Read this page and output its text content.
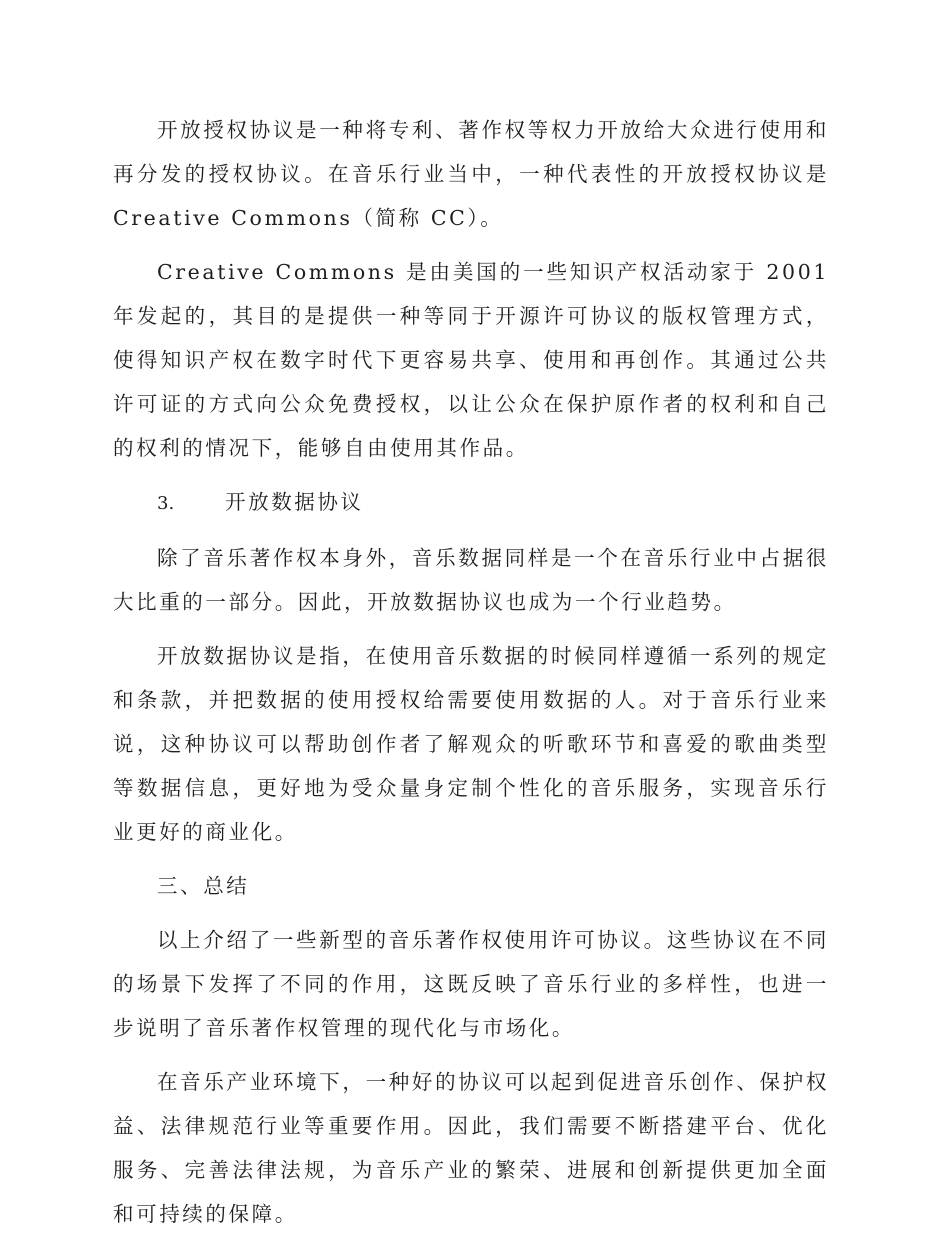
开放授权协议是一种将专利、著作权等权力开放给大众进行使用和再分发的授权协议。在音乐行业当中，一种代表性的开放授权协议是 Creative Commons（简称 CC）。

Creative Commons 是由美国的一些知识产权活动家于 2001 年发起的，其目的是提供一种等同于开源许可协议的版权管理方式，使得知识产权在数字时代下更容易共享、使用和再创作。其通过公共许可证的方式向公众免费授权，以让公众在保护原作者的权利和自己的权利的情况下，能够自由使用其作品。

3. 开放数据协议

除了音乐著作权本身外，音乐数据同样是一个在音乐行业中占据很大比重的一部分。因此，开放数据协议也成为一个行业趋势。

开放数据协议是指，在使用音乐数据的时候同样遵循一系列的规定和条款，并把数据的使用授权给需要使用数据的人。对于音乐行业来说，这种协议可以帮助创作者了解观众的听歌环节和喜爱的歌曲类型等数据信息，更好地为受众量身定制个性化的音乐服务，实现音乐行业更好的商业化。

三、总结

以上介绍了一些新型的音乐著作权使用许可协议。这些协议在不同的场景下发挥了不同的作用，这既反映了音乐行业的多样性，也进一步说明了音乐著作权管理的现代化与市场化。

在音乐产业环境下，一种好的协议可以起到促进音乐创作、保护权益、法律规范行业等重要作用。因此，我们需要不断搭建平台、优化服务、完善法律法规，为音乐产业的繁荣、进展和创新提供更加全面和可持续的保障。
